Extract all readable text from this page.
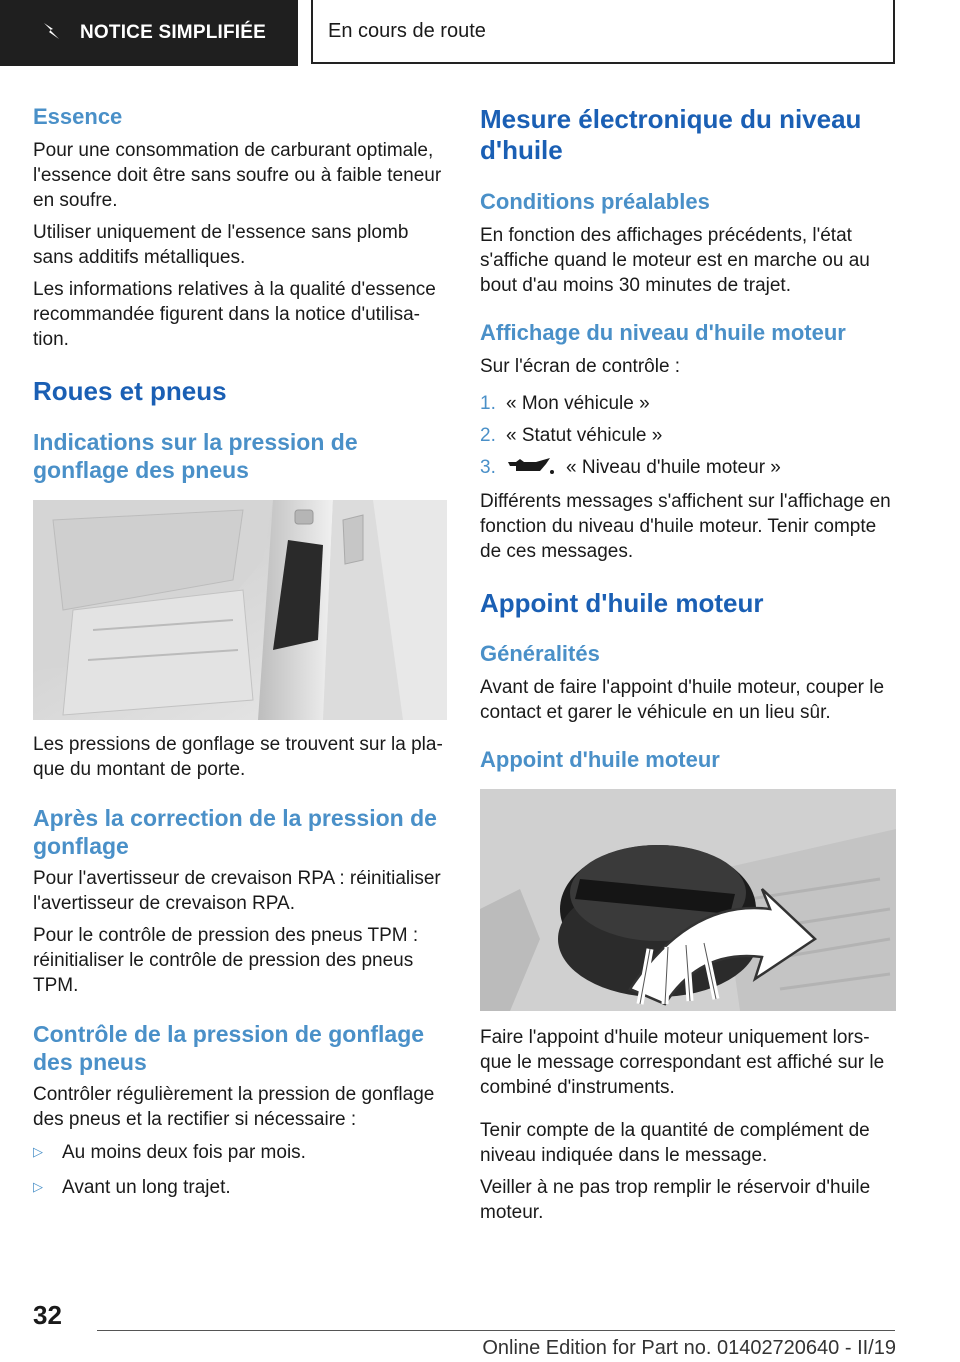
NOTICE SIMPLIFIÉE	En cours de route
Essence

Pour une consommation de carburant optimale, l'essence doit être sans soufre ou à faible teneur en soufre.

Utiliser uniquement de l'essence sans plomb sans additifs métalliques.

Les informations relatives à la qualité d'essence recommandée figurent dans la notice d'utilisa-tion.

Roues et pneus
Indications sur la pression de gonflage des pneus

Les pressions de gonflage se trouvent sur la pla-que du montant de porte.

Après la correction de la pression de gonflage

Pour l'avertisseur de crevaison RPA : réinitialiser l'avertisseur de crevaison RPA.

Pour le contrôle de pression des pneus TPM : réinitialiser le contrôle de pression des pneus TPM.

Contrôle de la pression de gonflage des pneus

Contrôler régulièrement la pression de gonflage des pneus et la rectifier si nécessaire :

▷ Au moins deux fois par mois.
▷ Avant un long trajet.
Mesure électronique du niveau d'huile
Conditions préalables

En fonction des affichages précédents, l'état s'affiche quand le moteur est en marche ou au bout d'au moins 30 minutes de trajet.

Affichage du niveau d'huile moteur

Sur l'écran de contrôle :

1. « Mon véhicule »
2. « Statut véhicule »
3.	« Niveau d'huile moteur »

Différents messages s'affichent sur l'affichage en fonction du niveau d'huile moteur. Tenir compte de ces messages.

Appoint d'huile moteur
Généralités

Avant de faire l'appoint d'huile moteur, couper le contact et garer le véhicule en un lieu sûr.

Appoint d'huile moteur

Faire l'appoint d'huile moteur uniquement lors-que le message correspondant est affiché sur le combiné d'instruments.

Tenir compte de la quantité de complément de niveau indiquée dans le message.

Veiller à ne pas trop remplir le réservoir d'huile moteur.

32
Online Edition for Part no. 01402720640 - II/19
